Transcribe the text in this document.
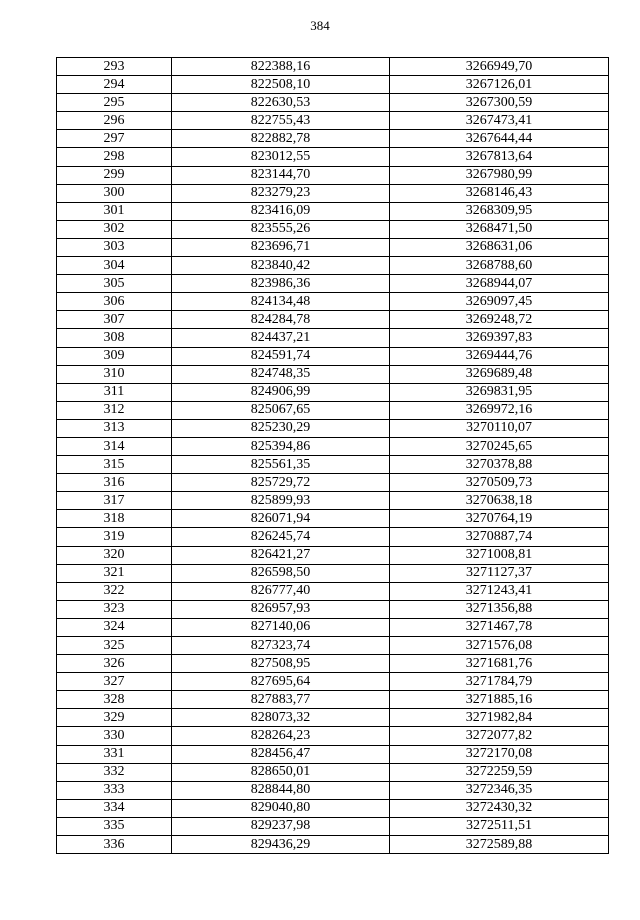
384
293	822388,16	3266949,70
294	822508,10	3267126,01
295	822630,53	3267300,59
296	822755,43	3267473,41
297	822882,78	3267644,44
298	823012,55	3267813,64
299	823144,70	3267980,99
300	823279,23	3268146,43
301	823416,09	3268309,95
302	823555,26	3268471,50
303	823696,71	3268631,06
304	823840,42	3268788,60
305	823986,36	3268944,07
306	824134,48	3269097,45
307	824284,78	3269248,72
308	824437,21	3269397,83
309	824591,74	3269444,76
310	824748,35	3269689,48
311	824906,99	3269831,95
312	825067,65	3269972,16
313	825230,29	3270110,07
314	825394,86	3270245,65
315	825561,35	3270378,88
316	825729,72	3270509,73
317	825899,93	3270638,18
318	826071,94	3270764,19
319	826245,74	3270887,74
320	826421,27	3271008,81
321	826598,50	3271127,37
322	826777,40	3271243,41
323	826957,93	3271356,88
324	827140,06	3271467,78
325	827323,74	3271576,08
326	827508,95	3271681,76
327	827695,64	3271784,79
328	827883,77	3271885,16
329	828073,32	3271982,84
330	828264,23	3272077,82
331	828456,47	3272170,08
332	828650,01	3272259,59
333	828844,80	3272346,35
334	829040,80	3272430,32
335	829237,98	3272511,51
336	829436,29	3272589,88
